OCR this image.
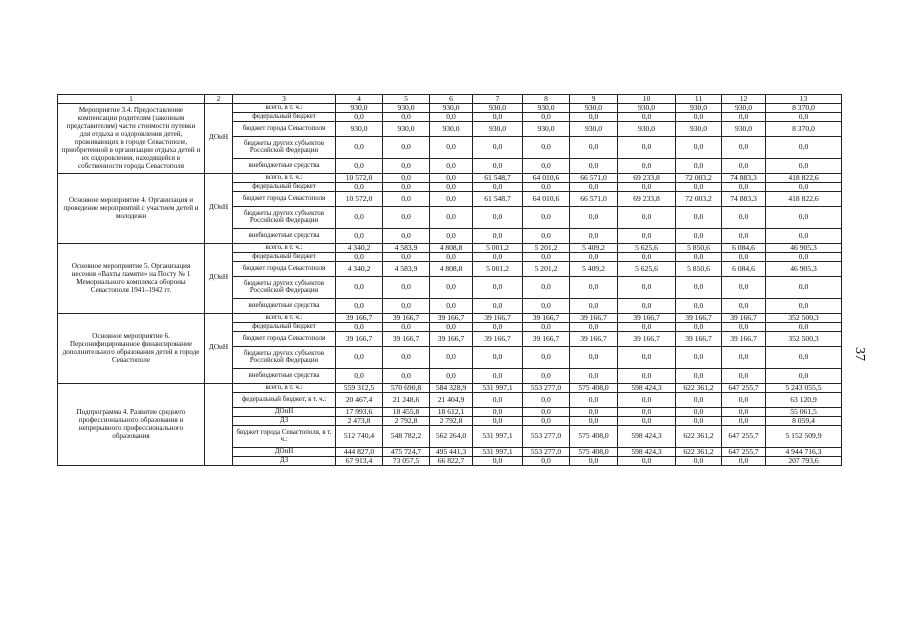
1	2	3	4	5	6	7	8	9	10	11	12	13
Мероприятие 3.4. Предоставление компенсации родителям (законным представителям) части стоимости путевки для отдыха и оздоровления детей, проживающих в городе Севастополе, приобретенной в организации отдыха детей и их оздоровления, находящейся в собственности города Севастополя	ДОиН	всего, в т. ч.:	930,0	930,0	930,0	930,0	930,0	930,0	930,0	930,0	930,0	8 370,0
		федеральный бюджет	0,0	0,0	0,0	0,0	0,0	0,0	0,0	0,0	0,0	0,0
		бюджет города Севастополя	930,0	930,0	930,0	930,0	930,0	930,0	930,0	930,0	930,0	8 370,0
		бюджеты других субъектов Российской Федерации	0,0	0,0	0,0	0,0	0,0	0,0	0,0	0,0	0,0	0,0
		внебюджетные средства	0,0	0,0	0,0	0,0	0,0	0,0	0,0	0,0	0,0	0,0
Основное мероприятие 4. Организация и проведение мероприятий с участием детей и молодежи	ДОиН	всего, в т. ч.:	10 572,0	0,0	0,0	61 548,7	64 010,6	66 571,0	69 233,8	72 003,2	74 883,3	418 822,6
		федеральный бюджет	0,0	0,0	0,0	0,0	0,0	0,0	0,0	0,0	0,0	0,0
		бюджет города Севастополя	10 572,0	0,0	0,0	61 548,7	64 010,6	66 571,0	69 233,8	72 003,2	74 883,3	418 822,6
		бюджеты других субъектов Российской Федерации	0,0	0,0	0,0	0,0	0,0	0,0	0,0	0,0	0,0	0,0
		внебюджетные средства	0,0	0,0	0,0	0,0	0,0	0,0	0,0	0,0	0,0	0,0
Основное мероприятие 5. Организация несения «Вахты памяти» на Посту № 1 Мемориального комплекса обороны Севастополя 1941–1942 гг.	ДОиН	всего, в т. ч.:	4 340,2	4 583,9	4 808,8	5 001,2	5 201,2	5 409,2	5 625,6	5 850,6	6 084,6	46 905,3
		федеральный бюджет	0,0	0,0	0,0	0,0	0,0	0,0	0,0	0,0	0,0	0,0
		бюджет города Севастополя	4 340,2	4 583,9	4 808,8	5 001,2	5 201,2	5 409,2	5 625,6	5 850,6	6 084,6	46 905,3
		бюджеты других субъектов Российской Федерации	0,0	0,0	0,0	0,0	0,0	0,0	0,0	0,0	0,0	0,0
		внебюджетные средства	0,0	0,0	0,0	0,0	0,0	0,0	0,0	0,0	0,0	0,0
Основное мероприятие 6. Персонифицированное финансирование дополнительного образования детей в городе Севастополе	ДОиН	всего, в т. ч.:	39 166,7	39 166,7	39 166,7	39 166,7	39 166,7	39 166,7	39 166,7	39 166,7	39 166,7	352 500,3
		федеральный бюджет	0,0	0,0	0,0	0,0	0,0	0,0	0,0	0,0	0,0	0,0
		бюджет города Севастополя	39 166,7	39 166,7	39 166,7	39 166,7	39 166,7	39 166,7	39 166,7	39 166,7	39 166,7	352 500,3
		бюджеты других субъектов Российской Федерации	0,0	0,0	0,0	0,0	0,0	0,0	0,0	0,0	0,0	0,0
		внебюджетные средства	0,0	0,0	0,0	0,0	0,0	0,0	0,0	0,0	0,0	0,0
Подпрограмма 4. Развитие среднего профессионального образования и непрерывного профессионального образования		всего, в т. ч.:	559 312,5	570 690,8	584 328,9	531 997,1	553 277,0	575 408,0	598 424,3	622 361,2	647 255,7	5 243 055,5
		федеральный бюджет, в т. ч.:	20 467,4	21 248,6	21 404,9	0,0	0,0	0,0	0,0	0,0	0,0	63 120,9
		ДОиН	17 993,6	18 455,8	18 612,1	0,0	0,0	0,0	0,0	0,0	0,0	55 061,5
		ДЗ	2 473,8	2 792,8	2 792,8	0,0	0,0	0,0	0,0	0,0	0,0	8 059,4
		бюджет города Севастополя, в т. ч.:	512 740,4	548 782,2	562 264,0	531 997,1	553 277,0	575 408,0	598 424,3	622 361,2	647 255,7	5 152 509,9
		ДОиН	444 827,0	475 724,7	495 441,3	531 997,1	553 277,0	575 408,0	598 424,3	622 361,2	647 255,7	4 944 716,3
		ДЗ	67 913,4	73 057,5	66 822,7	0,0	0,0	0,0	0,0	0,0	0,0	207 793,6
37
